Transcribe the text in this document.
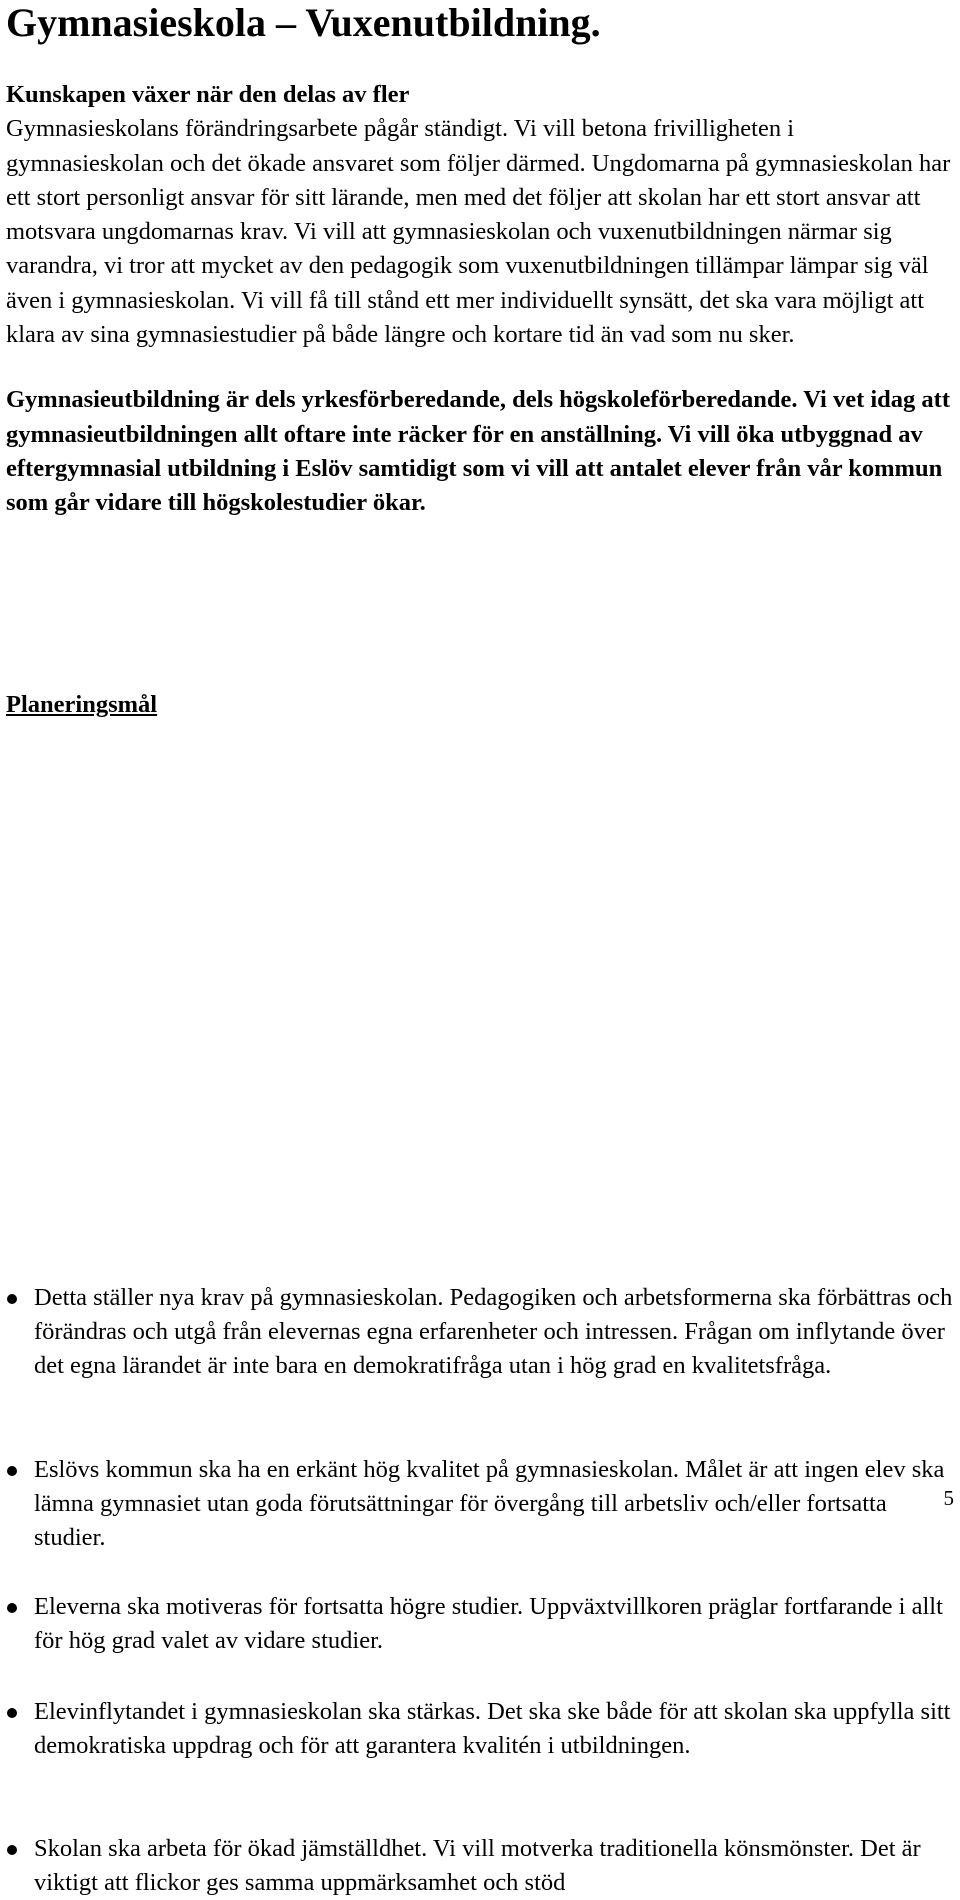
Gymnasieskola – Vuxenutbildning.
Kunskapen växer när den delas av fler

Gymnasieskolans förändringsarbete pågår ständigt. Vi vill betona frivilligheten i gymnasieskolan och det ökade ansvaret som följer därmed. Ungdomarna på gymnasieskolan har ett stort personligt ansvar för sitt lärande, men med det följer att skolan har ett stort ansvar att motsvara ungdomarnas krav. Vi vill att gymnasieskolan och vuxenutbildningen närmar sig varandra, vi tror att mycket av den pedagogik som vuxenutbildningen tillämpar lämpar sig väl även i gymnasieskolan. Vi vill få till stånd ett mer individuellt synsätt, det ska vara möjligt att klara av sina gymnasiestudier på både längre och kortare tid än vad som nu sker.

Gymnasieutbildning är dels yrkesförberedande, dels högskoleförberedande. Vi vet idag att gymnasieutbildningen allt oftare inte räcker för en anställning. Vi vill öka utbyggnad av eftergymnasial utbildning i Eslöv samtidigt som vi vill att antalet elever från vår kommun som går vidare till högskolestudier ökar.

Planeringsmål

Detta ställer nya krav på gymnasieskolan. Pedagogiken och arbetsformerna ska förbättras och förändras och utgå från elevernas egna erfarenheter och intressen. Frågan om inflytande över det egna lärandet är inte bara en demokratifråga utan i hög grad en kvalitetsfråga.

Eslövs kommun ska ha en erkänt hög kvalitet på gymnasieskolan. Målet är att ingen elev ska lämna gymnasiet utan goda förutsättningar för övergång till arbetsliv och/eller fortsatta studier.

Eleverna ska motiveras för fortsatta högre studier. Uppväxtvillkoren präglar fortfarande i allt för hög grad valet av vidare studier.

Elevinflytandet i gymnasieskolan ska stärkas. Det ska ske både för att skolan ska uppfylla sitt demokratiska uppdrag och för att garantera kvalitén i utbildningen.

Skolan ska arbeta för ökad jämställdhet. Vi vill motverka traditionella könsmönster. Det är viktigt att flickor ges samma uppmärksamhet och stöd

5
